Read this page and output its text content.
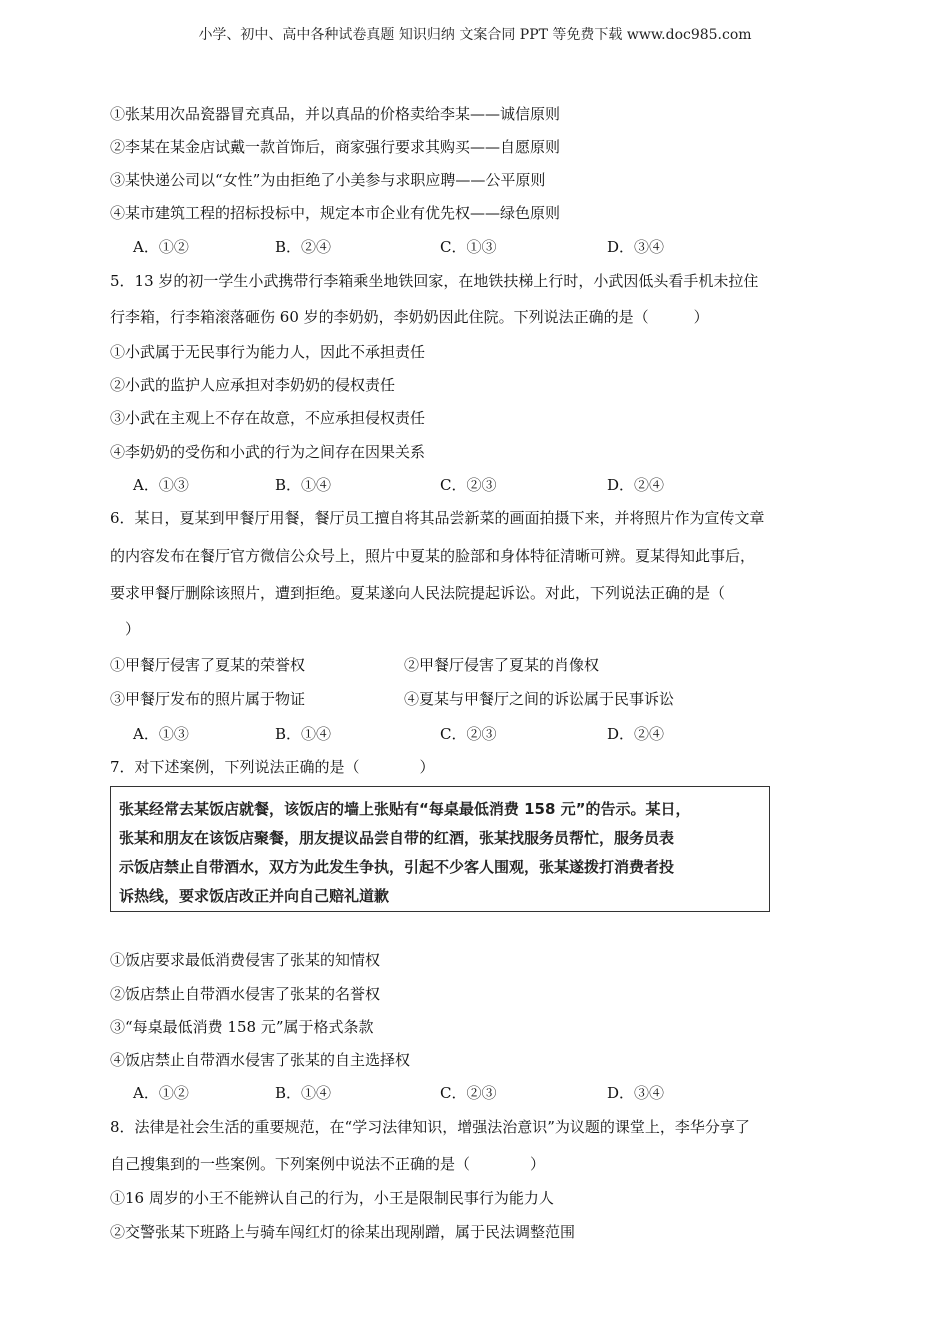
小学、初中、高中各种试卷真题 知识归纳 文案合同 PPT 等免费下载 www.doc985.com
①张某用次品瓷器冒充真品，并以真品的价格卖给李某——诚信原则
②李某在某金店试戴一款首饰后，商家强行要求其购买——自愿原则
③某快递公司以“女性”为由拒绝了小美参与求职应聘——公平原则
④某市建筑工程的招标投标中，规定本市企业有优先权——绿色原则
A．①②	B．②④	C．①③	D．③④
5．13 岁的初一学生小武携带行李箱乘坐地铁回家，在地铁扶梯上行时，小武因低头看手机未拉住
行李箱，行李箱滚落砸伤 60 岁的李奶奶，李奶奶因此住院。下列说法正确的是（　　　）
①小武属于无民事行为能力人，因此不承担责任
②小武的监护人应承担对李奶奶的侵权责任
③小武在主观上不存在故意，不应承担侵权责任
④李奶奶的受伤和小武的行为之间存在因果关系
A．①③	B．①④	C．②③	D．②④
6．某日，夏某到甲餐厅用餐，餐厅员工擅自将其品尝新菜的画面拍摄下来，并将照片作为宣传文章
的内容发布在餐厅官方微信公众号上，照片中夏某的脸部和身体特征清晰可辨。夏某得知此事后，
要求甲餐厅删除该照片，遭到拒绝。夏某遂向人民法院提起诉讼。对此，下列说法正确的是（
　）
①甲餐厅侵害了夏某的荣誉权	②甲餐厅侵害了夏某的肖像权
③甲餐厅发布的照片属于物证	④夏某与甲餐厅之间的诉讼属于民事诉讼
A．①③	B．①④	C．②③	D．②④
7．对下述案例，下列说法正确的是（　　　　）
张某经常去某饭店就餐，该饭店的墙上张贴有“每桌最低消费 158 元”的告示。某日，
张某和朋友在该饭店聚餐，朋友提议品尝自带的红酒，张某找服务员帮忙，服务员表
示饭店禁止自带酒水，双方为此发生争执，引起不少客人围观，张某遂拨打消费者投
诉热线，要求饭店改正并向自己赔礼道歉
①饭店要求最低消费侵害了张某的知情权
②饭店禁止自带酒水侵害了张某的名誉权
③“每桌最低消费 158 元”属于格式条款
④饭店禁止自带酒水侵害了张某的自主选择权
A．①②	B．①④	C．②③	D．③④
8．法律是社会生活的重要规范，在“学习法律知识，增强法治意识”为议题的课堂上，李华分享了
自己搜集到的一些案例。下列案例中说法不正确的是（　　　　）
①16 周岁的小王不能辨认自己的行为，小王是限制民事行为能力人
②交警张某下班路上与骑车闯红灯的徐某出现剐蹭，属于民法调整范围
